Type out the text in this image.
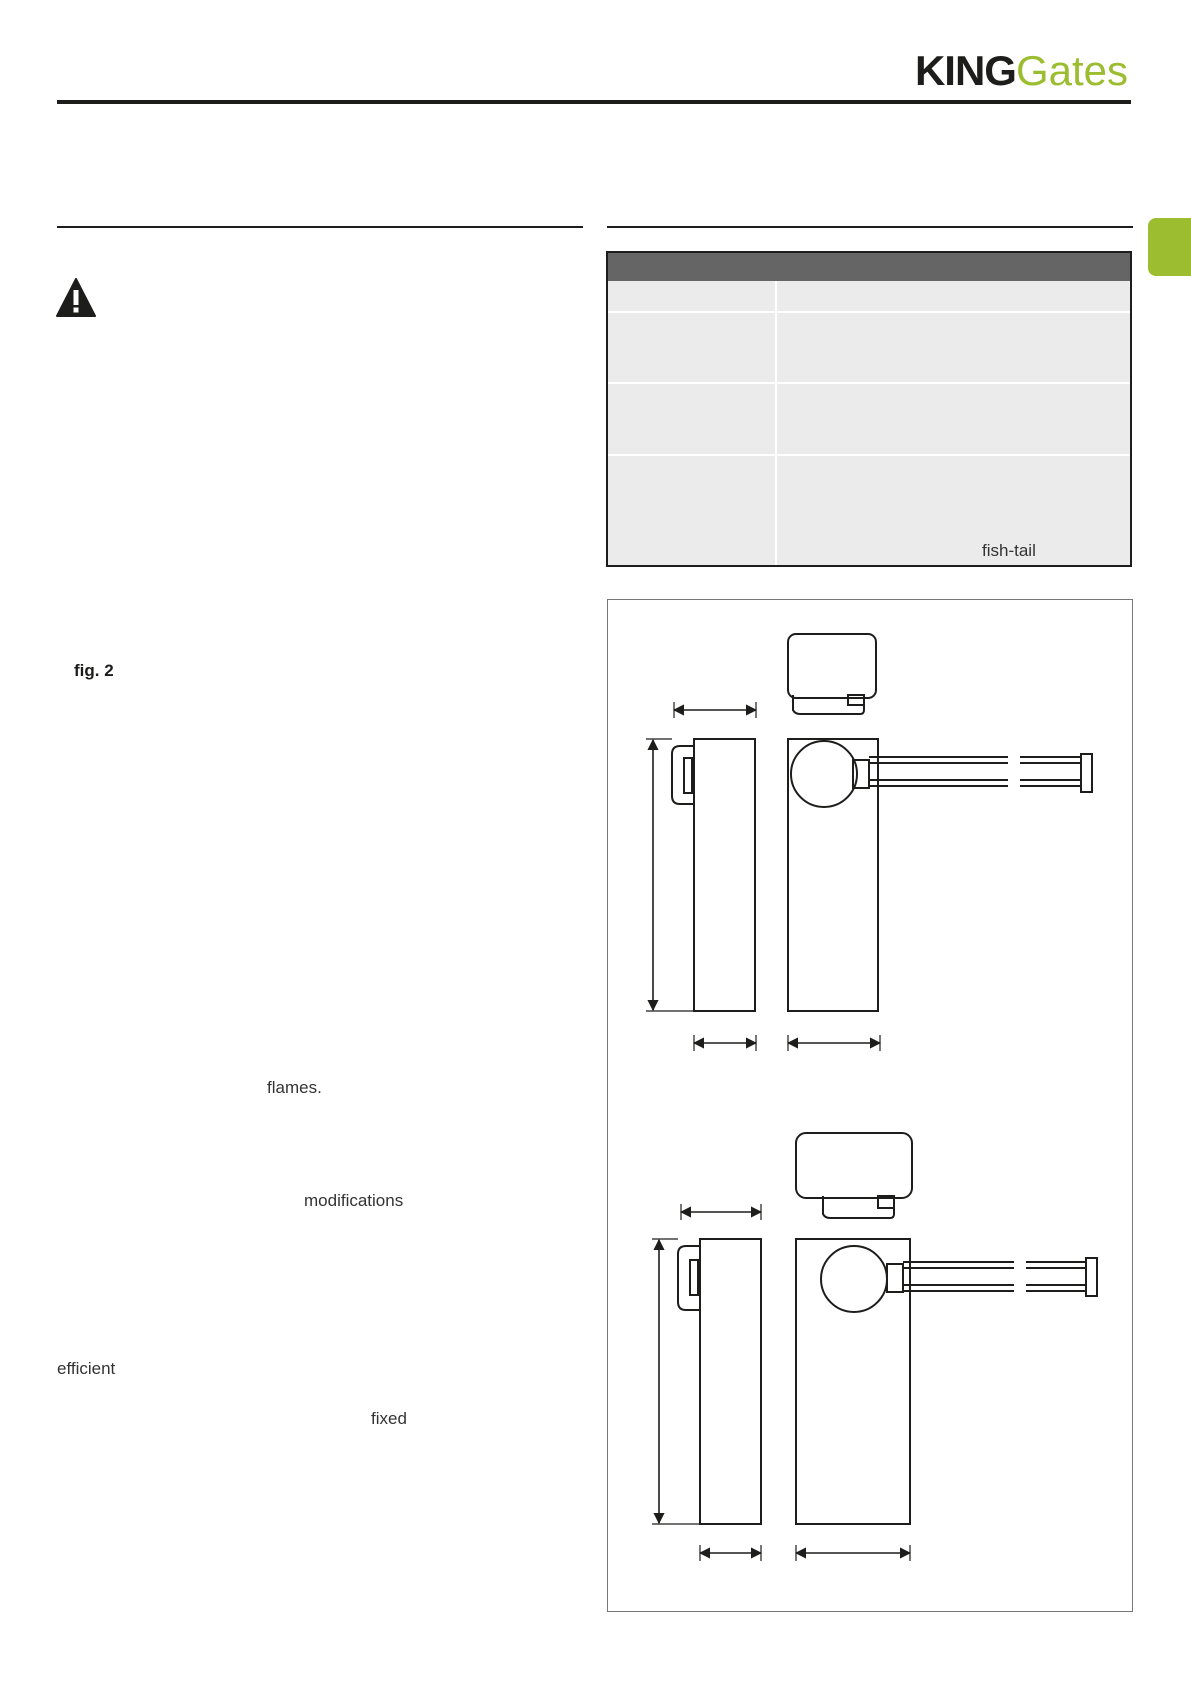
KINGGates
fig. 2
flames.
modifications
efficient
fixed
fish-tail
